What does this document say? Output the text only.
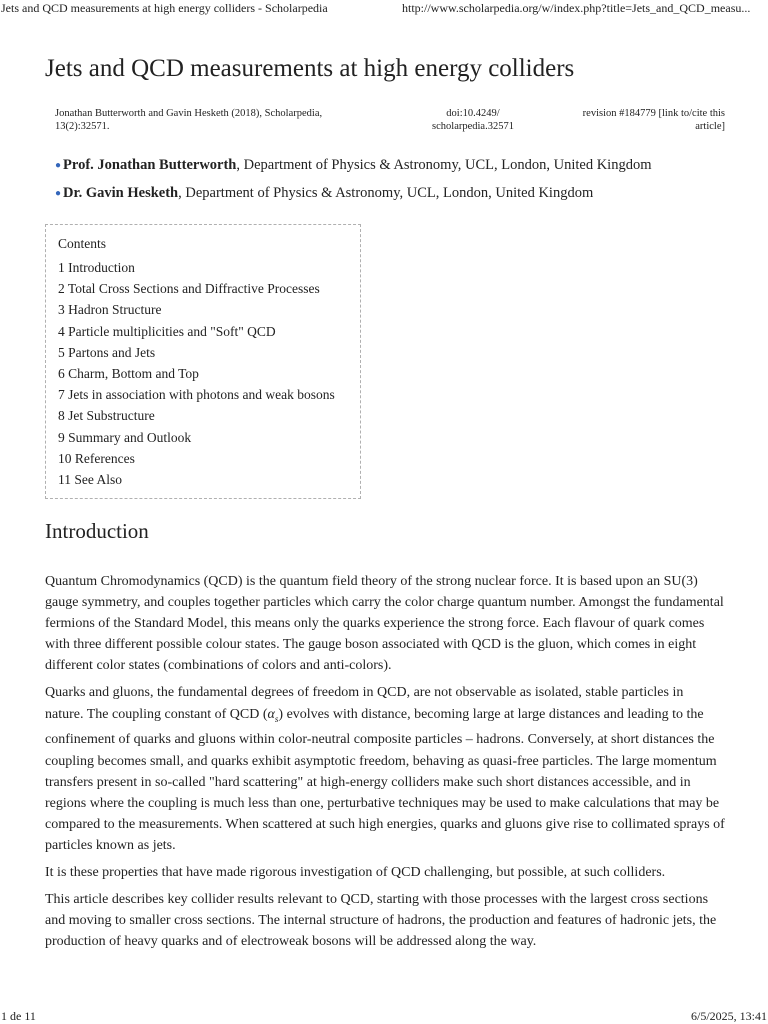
Jets and QCD measurements at high energy colliders - Scholarpedia	http://www.scholarpedia.org/w/index.php?title=Jets_and_QCD_measu...
Jets and QCD measurements at high energy colliders
Jonathan Butterworth and Gavin Hesketh (2018), Scholarpedia,
13(2):32571.
doi:10.4249/
scholarpedia.32571
revision #184779 [link to/cite this
article]
● Prof. Jonathan Butterworth, Department of Physics & Astronomy, UCL, London, United Kingdom
● Dr. Gavin Hesketh, Department of Physics & Astronomy, UCL, London, United Kingdom
Contents
1 Introduction
2 Total Cross Sections and Diffractive Processes
3 Hadron Structure
4 Particle multiplicities and "Soft" QCD
5 Partons and Jets
6 Charm, Bottom and Top
7 Jets in association with photons and weak bosons
8 Jet Substructure
9 Summary and Outlook
10 References
11 See Also
Introduction

Quantum Chromodynamics (QCD) is the quantum field theory of the strong nuclear force. It is based upon an SU(3) gauge symmetry, and couples together particles which carry the color charge quantum number. Amongst the fundamental fermions of the Standard Model, this means only the quarks experience the strong force. Each flavour of quark comes with three different possible colour states. The gauge boson associated with QCD is the gluon, which comes in eight different color states (combinations of colors and anti-colors).

Quarks and gluons, the fundamental degrees of freedom in QCD, are not observable as isolated, stable particles in nature. The coupling constant of QCD $(\alpha_s)$ evolves with distance, becoming large at large distances and leading to the confinement of quarks and gluons within color-neutral composite particles – hadrons. Conversely, at short distances the coupling becomes small, and quarks exhibit asymptotic freedom, behaving as quasi-free particles. The large momentum transfers present in so-called "hard scattering" at high-energy colliders make such short distances accessible, and in regions where the coupling is much less than one, perturbative techniques may be used to make calculations that may be compared to the measurements. When scattered at such high energies, quarks and gluons give rise to collimated sprays of particles known as jets.

It is these properties that have made rigorous investigation of QCD challenging, but possible, at such colliders.

This article describes key collider results relevant to QCD, starting with those processes with the largest cross sections and moving to smaller cross sections. The internal structure of hadrons, the production and features of hadronic jets, the production of heavy quarks and of electroweak bosons will be addressed along the way.

1 de 11	6/5/2025, 13:41
